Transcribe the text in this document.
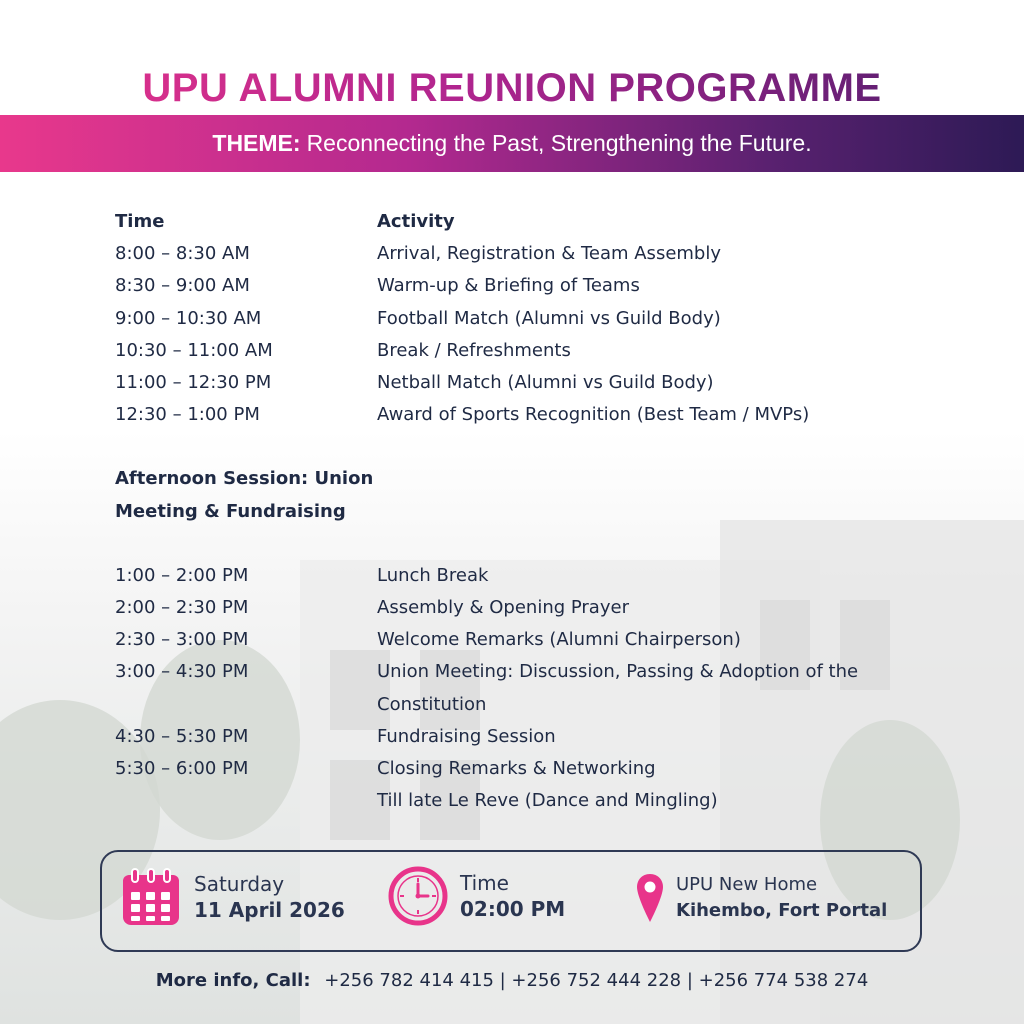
UPU ALUMNI REUNION PROGRAMME
THEME: Reconnecting the Past, Strengthening the Future.
Time	Activity
8:00 – 8:30 AM	Arrival, Registration & Team Assembly
8:30 – 9:00 AM	Warm-up & Briefing of Teams
9:00 – 10:30 AM	Football Match (Alumni vs Guild Body)
10:30 – 11:00 AM	Break / Refreshments
11:00 – 12:30 PM	Netball Match (Alumni vs Guild Body)
12:30 – 1:00 PM	Award of Sports Recognition (Best Team / MVPs)
Afternoon Session: Union
Meeting & Fundraising
1:00 – 2:00 PM	Lunch Break
2:00 – 2:30 PM	Assembly & Opening Prayer
2:30 – 3:00 PM	Welcome Remarks (Alumni Chairperson)
3:00 – 4:30 PM	Union Meeting: Discussion, Passing & Adoption of the
Constitution
4:30 – 5:30 PM	Fundraising Session
5:30 – 6:00 PM	Closing Remarks & Networking
Till late Le Reve (Dance and Mingling)
Saturday
11 April 2026
Time
02:00 PM
UPU New Home
Kihembo, Fort Portal
More info, Call: +256 782 414 415 | +256 752 444 228 | +256 774 538 274
